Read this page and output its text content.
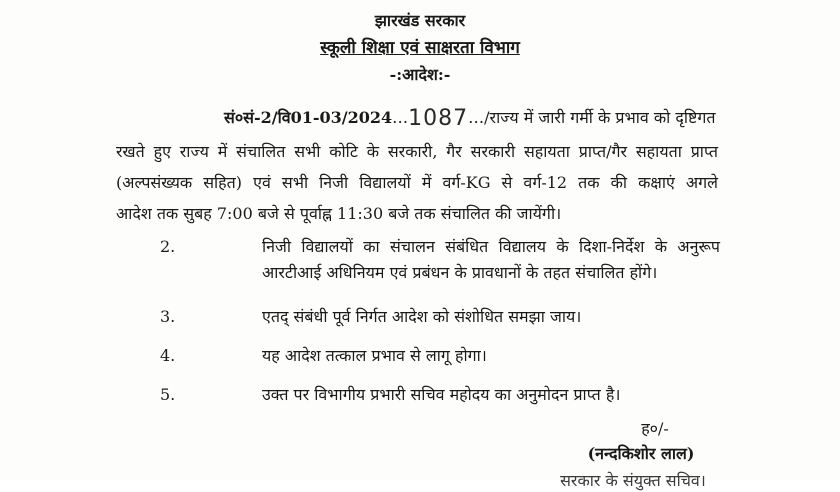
झारखंड सरकार
स्कूली शिक्षा एवं साक्षरता विभाग
-:आदेश:-
सं०सं-2/वि01-03/2024…1087…/राज्य में जारी गर्मी के प्रभाव को दृष्टिगत
रखते हुए राज्य में संचालित सभी कोटि के सरकारी, गैर सरकारी सहायता प्राप्त/गैर सहायता प्राप्त
(अल्पसंख्यक सहित) एवं सभी निजी विद्यालयों में वर्ग-KG से वर्ग-12 तक की कक्षाएं अगले
आदेश तक सुबह 7:00 बजे से पूर्वाह्न 11:30 बजे तक संचालित की जायेंगी।
2.	निजी विद्यालयों का संचालन संबंधित विद्यालय के दिशा-निर्देश के अनुरूप
आरटीआई अधिनियम एवं प्रबंधन के प्रावधानों के तहत संचालित होंगे।
3.	एतद् संबंधी पूर्व निर्गत आदेश को संशोधित समझा जाय।
4.	यह आदेश तत्काल प्रभाव से लागू होगा।
5.	उक्त पर विभागीय प्रभारी सचिव महोदय का अनुमोदन प्राप्त है।
ह०/-
(नन्दकिशोर लाल)
सरकार के संयुक्त सचिव।
